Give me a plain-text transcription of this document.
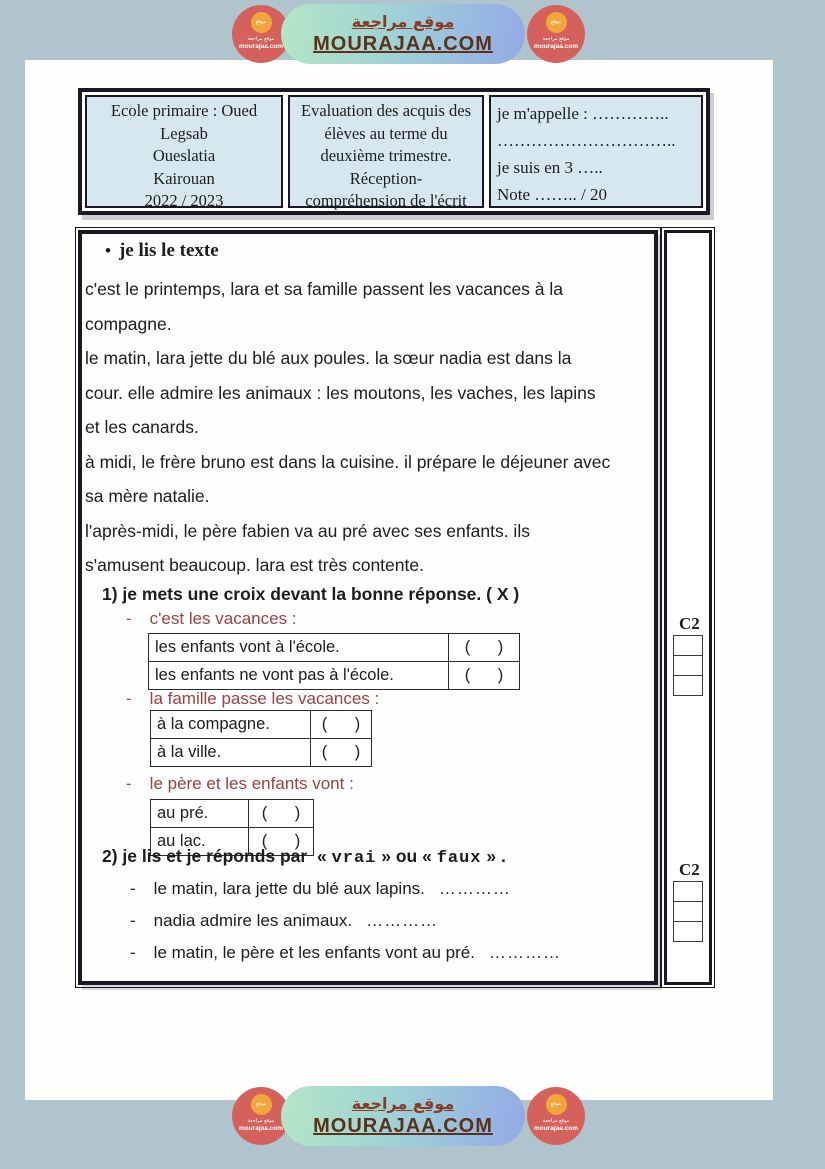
موقع
موقع مراجعة
mourajaa.com
موقع مراجعة
MOURAJAA.COM
موقع
موقع مراجعة
mourajaa.com
Ecole primaire : Oued
Legsab
Oueslatia
Kairouan
2022 / 2023
Evaluation des acquis des
élèves au terme du
deuxième trimestre.
Réception-
compréhension de l'écrit
je m'appelle : …………..
…………………………..
je suis en 3 …..
Note …….. / 20
• je lis le texte
c'est le printemps, lara et sa famille passent les vacances à la
compagne.
le matin, lara jette du blé aux poules. la sœur nadia est dans la
cour. elle admire les animaux : les moutons, les vaches, les lapins
et les canards.
à midi, le frère bruno est dans la cuisine. il prépare le déjeuner avec
sa mère natalie.
l'après-midi, le père fabien va au pré avec ses enfants. ils
s'amusent beaucoup. lara est très contente.
1) je mets une croix devant la bonne réponse. ( X )
- c'est les vacances :
les enfants vont à l'école.	(      )
les enfants ne vont pas à l'école.	(      )
- la famille passe les vacances :
à la compagne.	(      )
à la ville.	(      )
- le père et les enfants vont :
au pré.	(      )
au lac.	(      )
2) je lis et je réponds par « vrai » ou « faux » .
- le matin, lara jette du blé aux lapins. …………
- nadia admire les animaux. …………
- le matin, le père et les enfants vont au pré. …………
C2
C2
موقع
موقع مراجعة
mourajaa.com
موقع مراجعة
MOURAJAA.COM
موقع
موقع مراجعة
mourajaa.com
